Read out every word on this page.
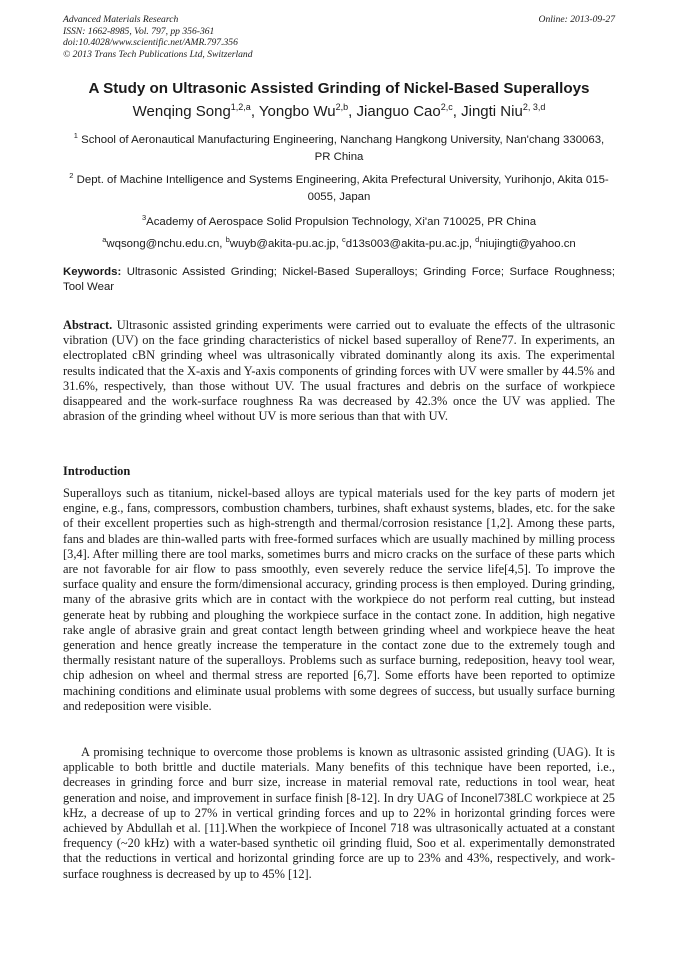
Advanced Materials Research
ISSN: 1662-8985, Vol. 797, pp 356-361
doi:10.4028/www.scientific.net/AMR.797.356
© 2013 Trans Tech Publications Ltd, Switzerland
Online: 2013-09-27
A Study on Ultrasonic Assisted Grinding of Nickel-Based Superalloys
Wenqing Song$^{1,2,a}$, Yongbo Wu$^{2,b}$, Jianguo Cao$^{2,c}$, Jingti Niu$^{2, 3,d}$
$^1$ School of Aeronautical Manufacturing Engineering, Nanchang Hangkong University, Nan'chang 330063, PR China
$^2$ Dept. of Machine Intelligence and Systems Engineering, Akita Prefectural University, Yurihonjo, Akita 015-0055, Japan
$^3$Academy of Aerospace Solid Propulsion Technology, Xi'an 710025, PR China
$^a$wqsong@nchu.edu.cn, $^b$wuyb@akita-pu.ac.jp, $^c$d13s003@akita-pu.ac.jp, $^d$niujingti@yahoo.cn
Keywords: Ultrasonic Assisted Grinding; Nickel-Based Superalloys; Grinding Force; Surface Roughness; Tool Wear
Abstract. Ultrasonic assisted grinding experiments were carried out to evaluate the effects of the ultrasonic vibration (UV) on the face grinding characteristics of nickel based superalloy of Rene77. In experiments, an electroplated cBN grinding wheel was ultrasonically vibrated dominantly along its axis. The experimental results indicated that the X-axis and Y-axis components of grinding forces with UV were smaller by 44.5% and 31.6%, respectively, than those without UV. The usual fractures and debris on the surface of workpiece disappeared and the work-surface roughness Ra was decreased by 42.3% once the UV was applied. The abrasion of the grinding wheel without UV is more serious than that with UV.
Introduction
Superalloys such as titanium, nickel-based alloys are typical materials used for the key parts of modern jet engine, e.g., fans, compressors, combustion chambers, turbines, shaft exhaust systems, blades, etc. for the sake of their excellent properties such as high-strength and thermal/corrosion resistance [1,2]. Among these parts, fans and blades are thin-walled parts with free-formed surfaces which are usually machined by milling process [3,4]. After milling there are tool marks, sometimes burrs and micro cracks on the surface of these parts which are not favorable for air flow to pass smoothly, even severely reduce the service life[4,5]. To improve the surface quality and ensure the form/dimensional accuracy, grinding process is then employed. During grinding, many of the abrasive grits which are in contact with the workpiece do not perform real cutting, but instead generate heat by rubbing and ploughing the workpiece surface in the contact zone. In addition, high negative rake angle of abrasive grain and great contact length between grinding wheel and workpiece heave the heat generation and hence greatly increase the temperature in the contact zone due to the extremely tough and thermally resistant nature of the superalloys. Problems such as surface burning, redeposition, heavy tool wear, chip adhesion on wheel and thermal stress are reported [6,7]. Some efforts have been reported to optimize machining conditions and eliminate usual problems with some degrees of success, but usually surface burning and redeposition were visible.
A promising technique to overcome those problems is known as ultrasonic assisted grinding (UAG). It is applicable to both brittle and ductile materials. Many benefits of this technique have been reported, i.e., decreases in grinding force and burr size, increase in material removal rate, reductions in tool wear, heat generation and noise, and improvement in surface finish [8-12]. In dry UAG of Inconel738LC workpiece at 25 kHz, a decrease of up to 27% in vertical grinding forces and up to 22% in horizontal grinding forces were achieved by Abdullah et al. [11].When the workpiece of Inconel 718 was ultrasonically actuated at a constant frequency (~20 kHz) with a water-based synthetic oil grinding fluid, Soo et al. experimentally demonstrated that the reductions in vertical and horizontal grinding force are up to 23% and 43%, respectively, and work-surface roughness is decreased by up to 45% [12].
